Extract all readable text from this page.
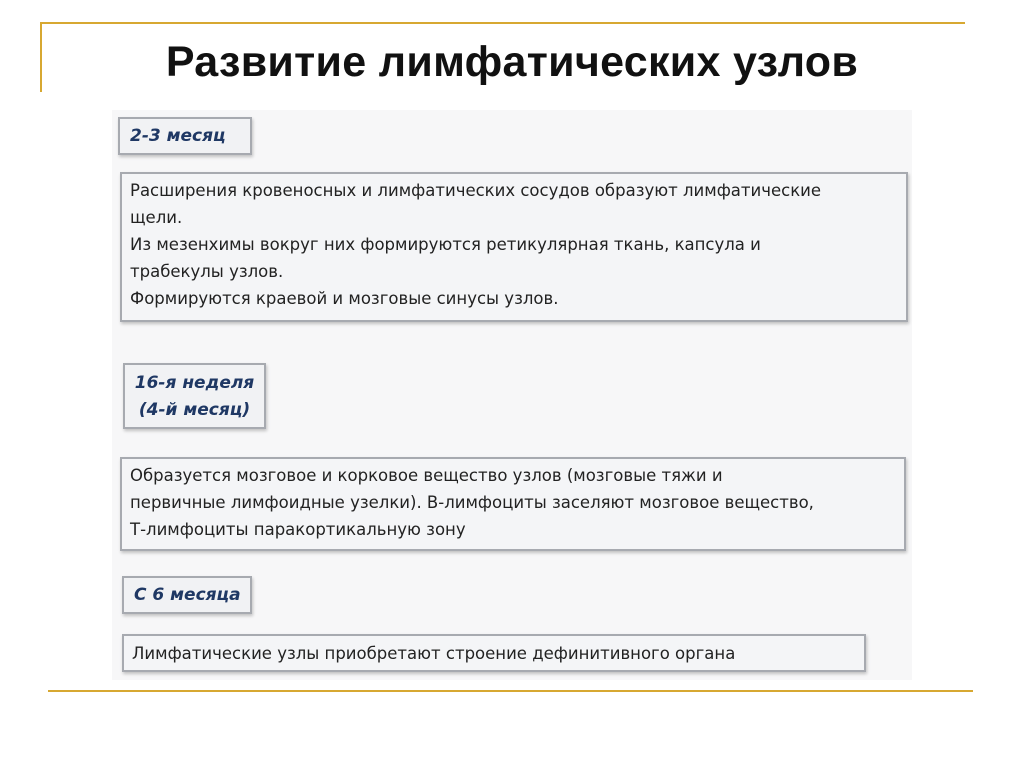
Развитие лимфатических узлов
2-3 месяц
Расширения кровеносных и лимфатических сосудов образуют лимфатические
щели.
Из мезенхимы вокруг них формируются ретикулярная ткань, капсула и
трабекулы узлов.
Формируются краевой и мозговые синусы узлов.
16-я неделя
(4-й месяц)
Образуется мозговое и корковое вещество узлов (мозговые тяжи и
первичные лимфоидные узелки). В-лимфоциты заселяют мозговое вещество,
Т-лимфоциты паракортикальную зону
С 6 месяца
Лимфатические узлы приобретают строение дефинитивного органа
